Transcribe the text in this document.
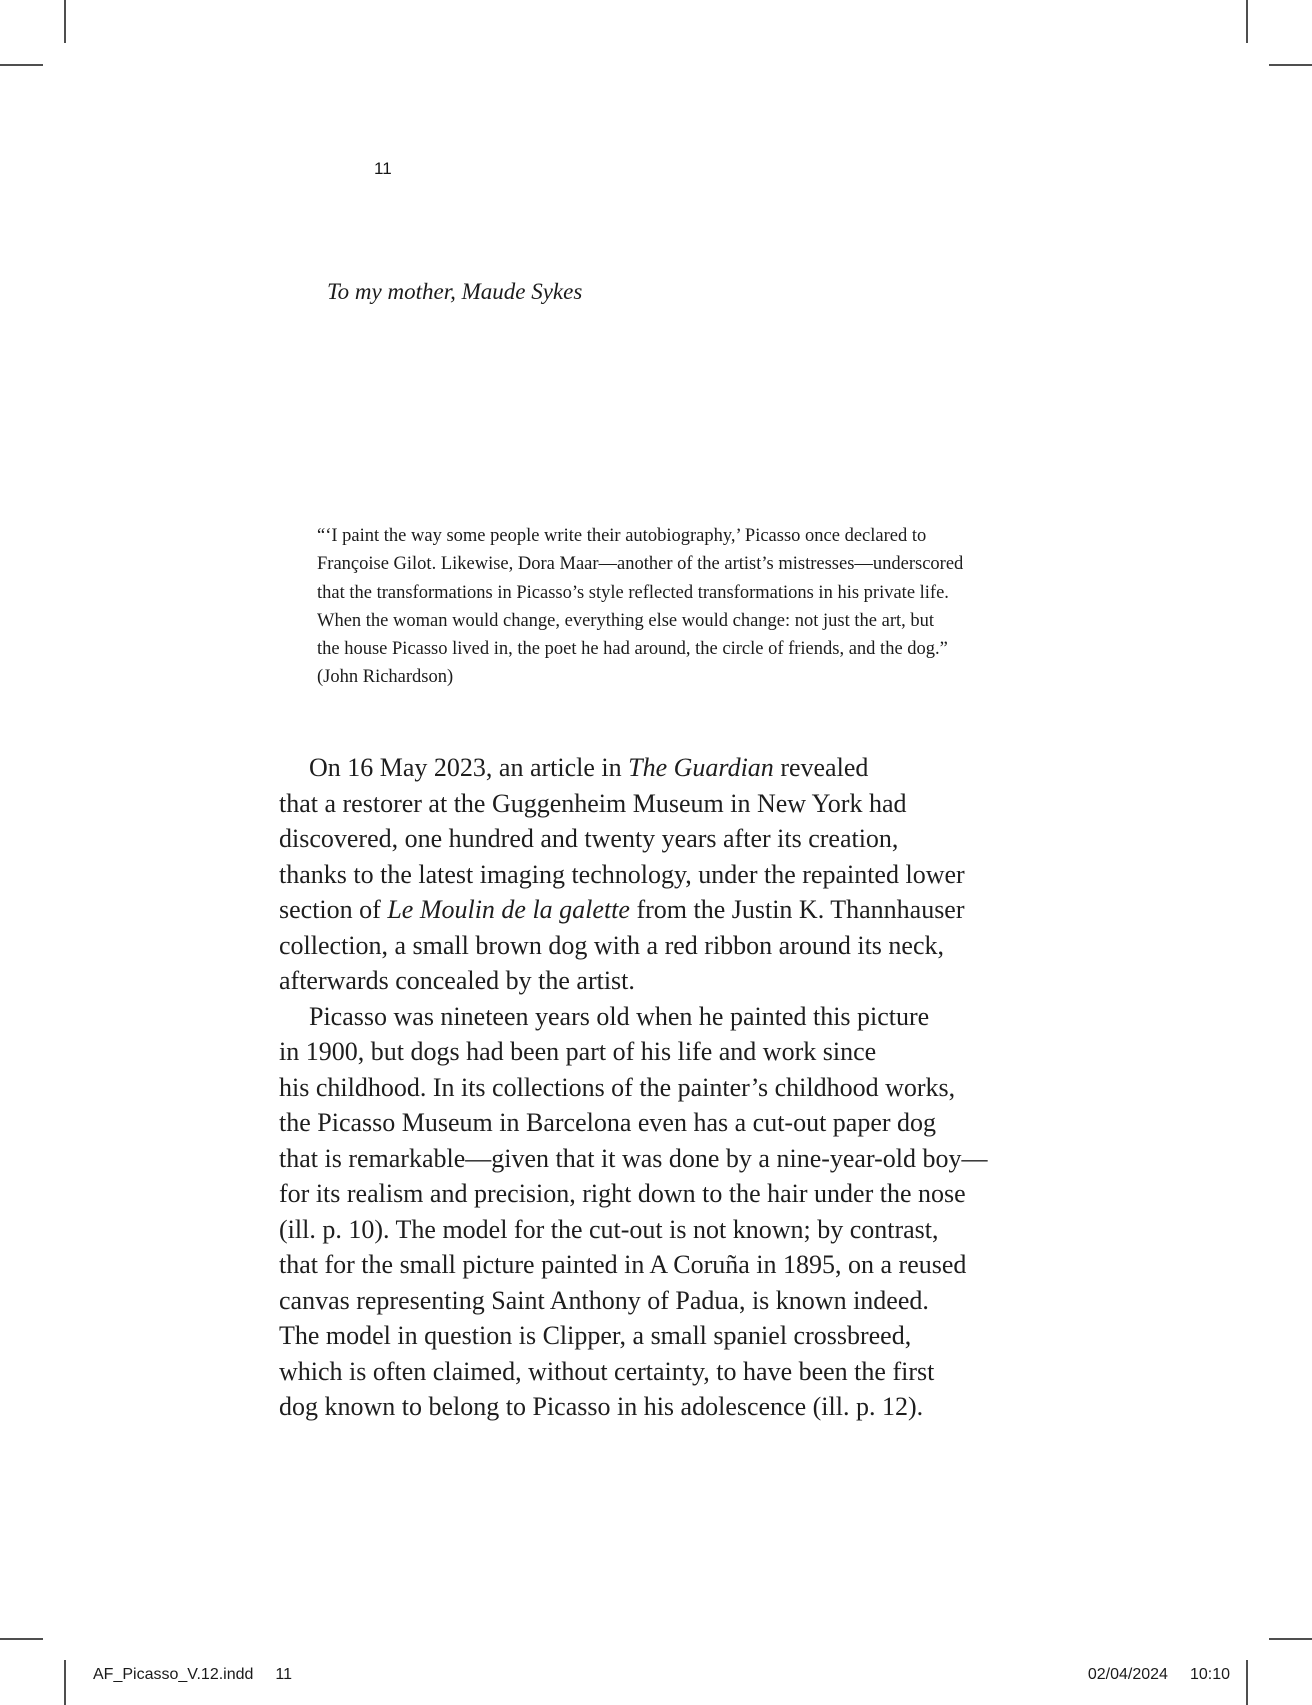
11
To my mother, Maude Sykes
“‘I paint the way some people write their autobiography,’ Picasso once declared to
Françoise Gilot. Likewise, Dora Maar—another of the artist’s mistresses—underscored
that the transformations in Picasso’s style reflected transformations in his private life.
When the woman would change, everything else would change: not just the art, but
the house Picasso lived in, the poet he had around, the circle of friends, and the dog.”
(John Richardson)
On 16 May 2023, an article in The Guardian revealed
that a restorer at the Guggenheim Museum in New York had
discovered, one hundred and twenty years after its creation,
thanks to the latest imaging technology, under the repainted lower
section of Le Moulin de la galette from the Justin K. Thannhauser
collection, a small brown dog with a red ribbon around its neck,
afterwards concealed by the artist.
Picasso was nineteen years old when he painted this picture
in 1900, but dogs had been part of his life and work since
his childhood. In its collections of the painter’s childhood works,
the Picasso Museum in Barcelona even has a cut-out paper dog
that is remarkable—given that it was done by a nine-year-old boy—
for its realism and precision, right down to the hair under the nose
(ill. p. 10). The model for the cut-out is not known; by contrast,
that for the small picture painted in A Coruña in 1895, on a reused
canvas representing Saint Anthony of Padua, is known indeed.
The model in question is Clipper, a small spaniel crossbreed,
which is often claimed, without certainty, to have been the first
dog known to belong to Picasso in his adolescence (ill. p. 12).
AF_Picasso_V.12.indd 11	02/04/2024 10:10
